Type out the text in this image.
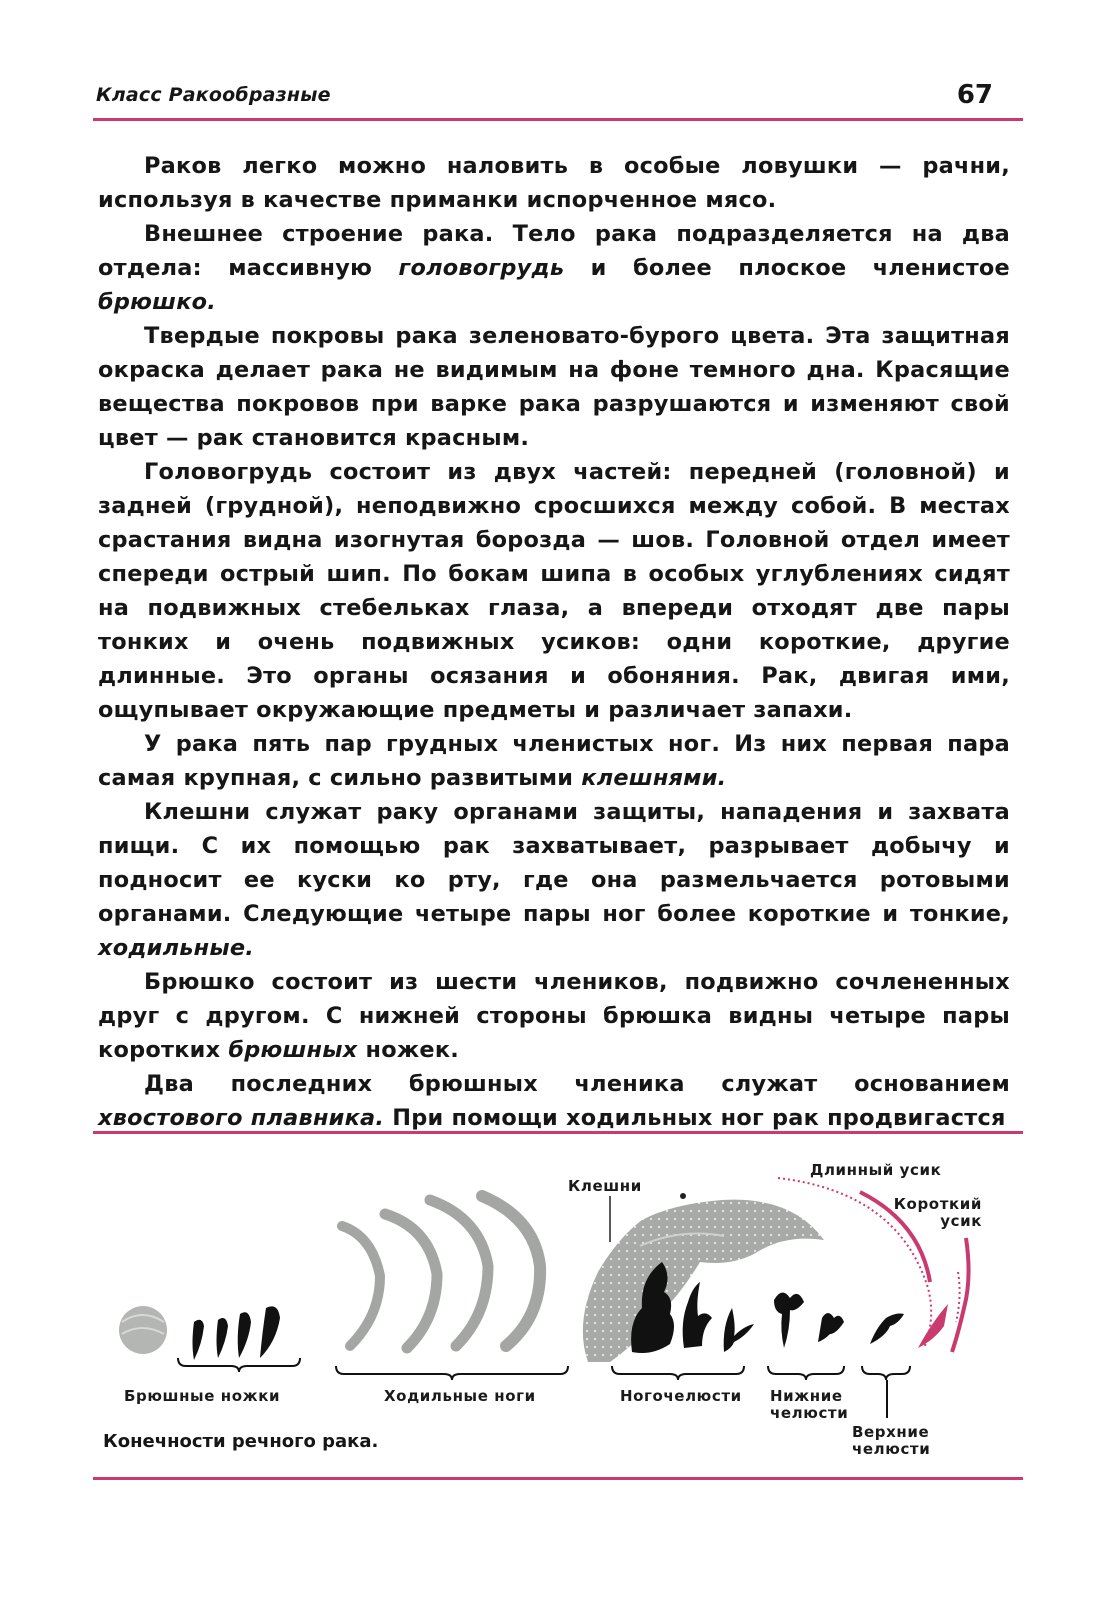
Класс Ракообразные	67

Раков легко можно наловить в особые ловушки — рачни, используя в качестве приманки испорченное мясо.

Внешнее строение рака. Тело рака подразделяется на два отдела: массивную головогрудь и более плоское членистое брюшко.

Твердые покровы рака зеленовато-бурого цвета. Эта защитная окраска делает рака не видимым на фоне темного дна. Красящие вещества покровов при варке рака разрушаются и изменяют свой цвет — рак становится красным.

Головогрудь состоит из двух частей: передней (головной) и задней (грудной), неподвижно сросшихся между собой. В местах срастания видна изогнутая борозда — шов. Головной отдел имеет спереди острый шип. По бокам шипа в особых углублениях сидят на подвижных стебельках глаза, а впереди отходят две пары тонких и очень подвижных усиков: одни короткие, другие длинные. Это органы осязания и обоняния. Рак, двигая ими, ощупывает окружающие предметы и различает запахи.

У рака пять пар грудных членистых ног. Из них первая пара самая крупная, с сильно развитыми клешнями.

Клешни служат раку органами защиты, нападения и захвата пищи. С их помощью рак захватывает, разрывает добычу и подносит ее куски ко рту, где она размельчается ротовыми органами. Следующие четыре пары ног более короткие и тонкие, ходильные.

Брюшко состоит из шести члеников, подвижно сочлененных друг с другом. С нижней стороны брюшка видны четыре пары коротких брюшных ножек.

Два последних брюшных членика служат основанием хвостового плавника. При помощи ходильных ног рак продвигастся

Клешни
Длинный усик
Короткий
усик
Брюшные ножки	Ходильные ноги	Ногочелюсти Нижние
челюсти
Верхние
челюсти
Конечности речного рака.
